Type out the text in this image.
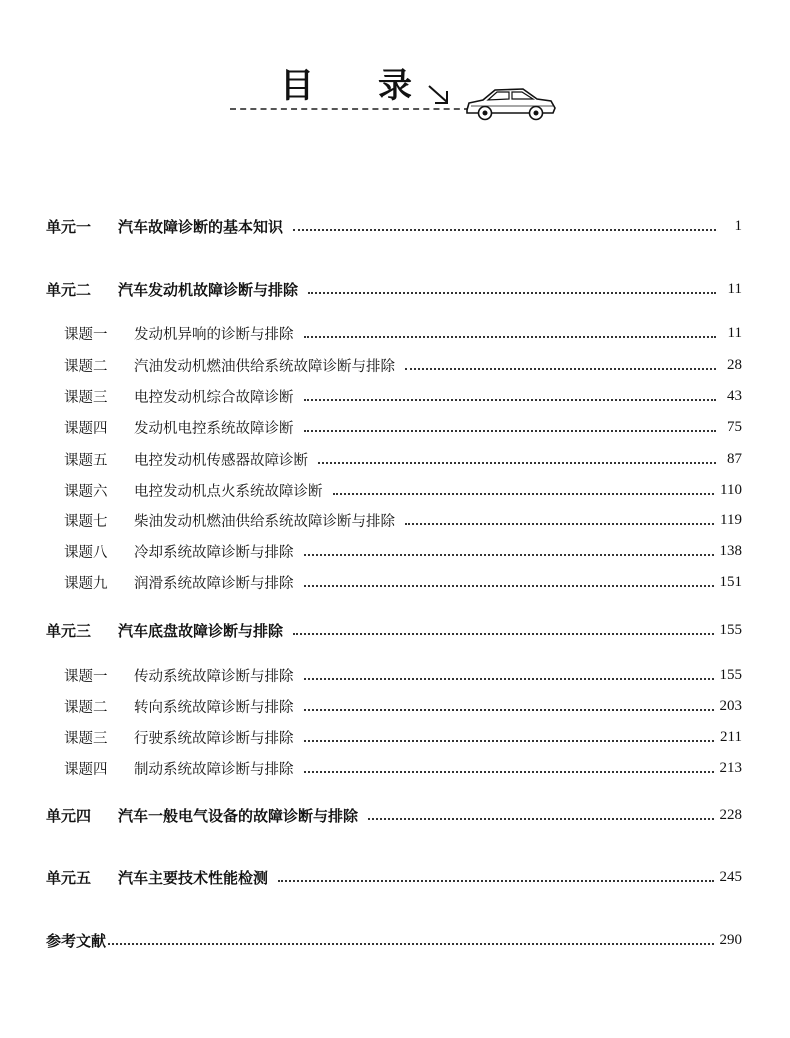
目 录
单元一	汽车故障诊断的基本知识	1
单元二	汽车发动机故障诊断与排除	11
课题一	发动机异响的诊断与排除	11
课题二	汽油发动机燃油供给系统故障诊断与排除	28
课题三	电控发动机综合故障诊断	43
课题四	发动机电控系统故障诊断	75
课题五	电控发动机传感器故障诊断	87
课题六	电控发动机点火系统故障诊断	110
课题七	柴油发动机燃油供给系统故障诊断与排除	119
课题八	冷却系统故障诊断与排除	138
课题九	润滑系统故障诊断与排除	151
单元三	汽车底盘故障诊断与排除	155
课题一	传动系统故障诊断与排除	155
课题二	转向系统故障诊断与排除	203
课题三	行驶系统故障诊断与排除	211
课题四	制动系统故障诊断与排除	213
单元四	汽车一般电气设备的故障诊断与排除	228
单元五	汽车主要技术性能检测	245
参考文献	290
